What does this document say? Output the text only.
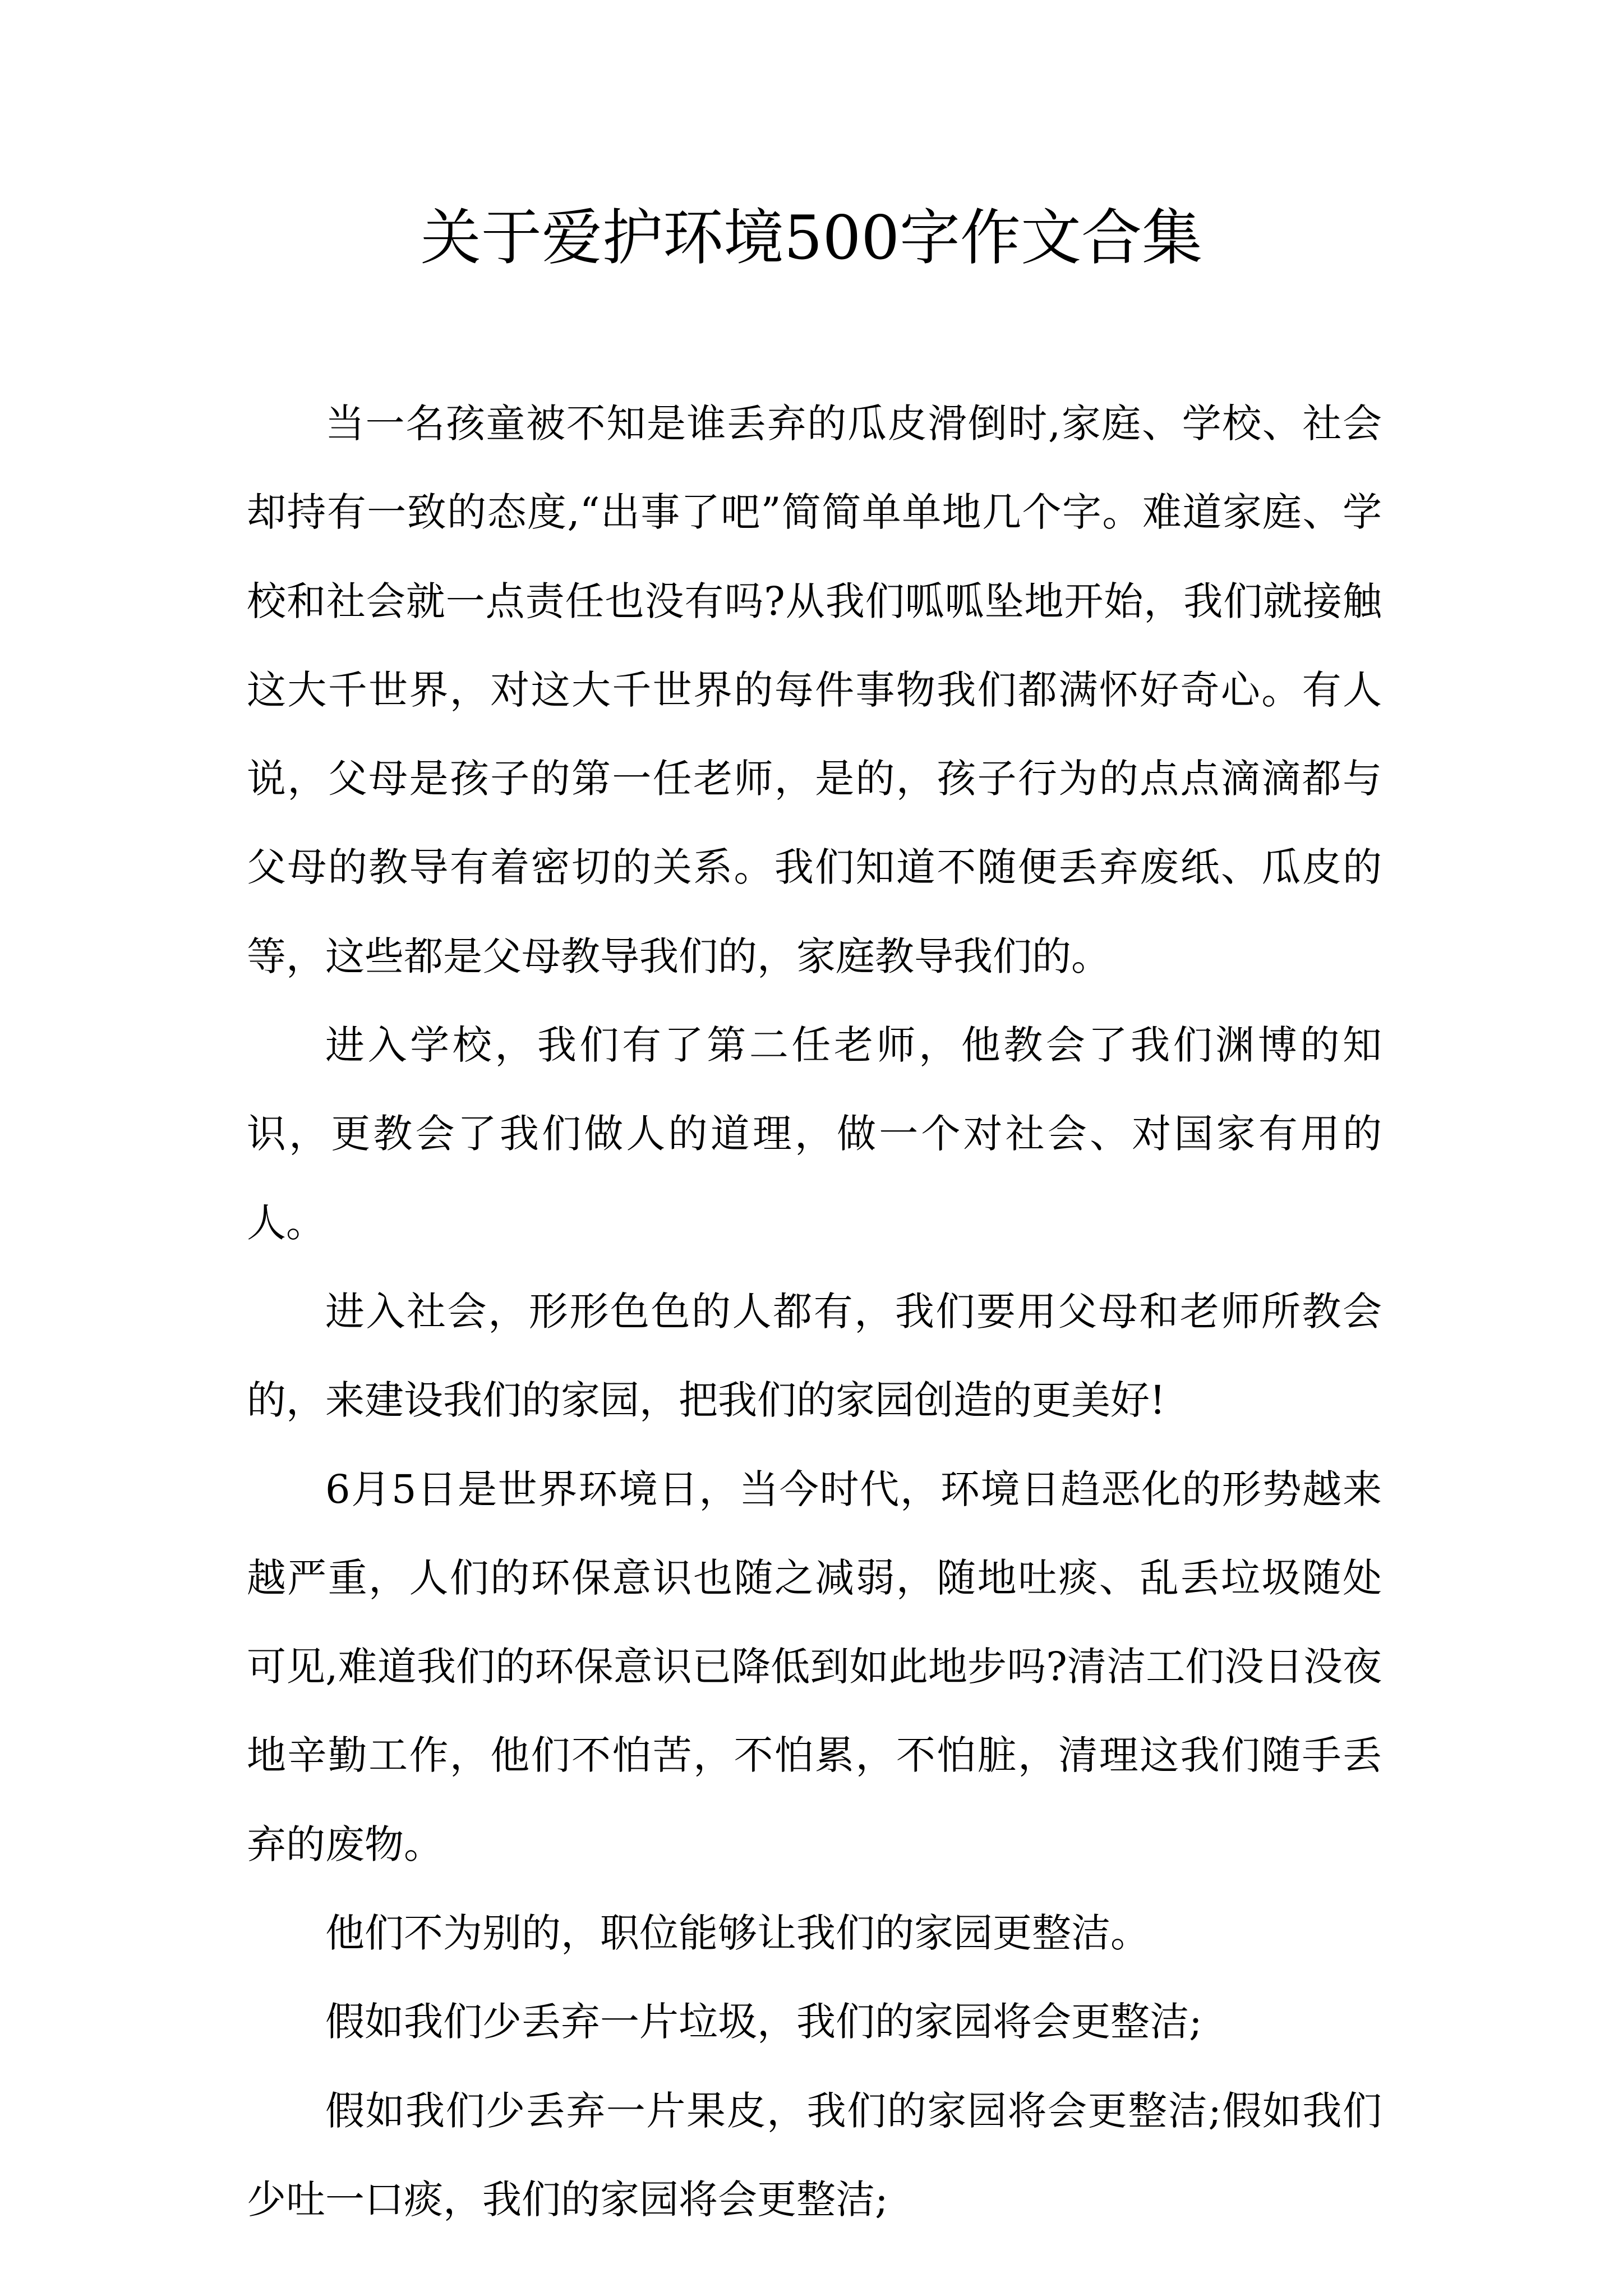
关于爱护环境500字作文合集

当一名孩童被不知是谁丢弃的瓜皮滑倒时,家庭、学校、社会却持有一致的态度,“出事了吧”简简单单地几个字。难道家庭、学校和社会就一点责任也没有吗?从我们呱呱坠地开始，我们就接触这大千世界，对这大千世界的每件事物我们都满怀好奇心。有人说，父母是孩子的第一任老师，是的，孩子行为的点点滴滴都与父母的教导有着密切的关系。我们知道不随便丢弃废纸、瓜皮的等，这些都是父母教导我们的，家庭教导我们的。

进入学校，我们有了第二任老师，他教会了我们渊博的知识，更教会了我们做人的道理，做一个对社会、对国家有用的人。

进入社会，形形色色的人都有，我们要用父母和老师所教会的，来建设我们的家园，把我们的家园创造的更美好!

6月5日是世界环境日，当今时代，环境日趋恶化的形势越来越严重，人们的环保意识也随之减弱，随地吐痰、乱丢垃圾随处可见,难道我们的环保意识已降低到如此地步吗?清洁工们没日没夜地辛勤工作，他们不怕苦，不怕累，不怕脏，清理这我们随手丢弃的废物。

他们不为别的，职位能够让我们的家园更整洁。

假如我们少丢弃一片垃圾，我们的家园将会更整洁;

假如我们少丢弃一片果皮，我们的家园将会更整洁;假如我们少吐一口痰，我们的家园将会更整洁;
